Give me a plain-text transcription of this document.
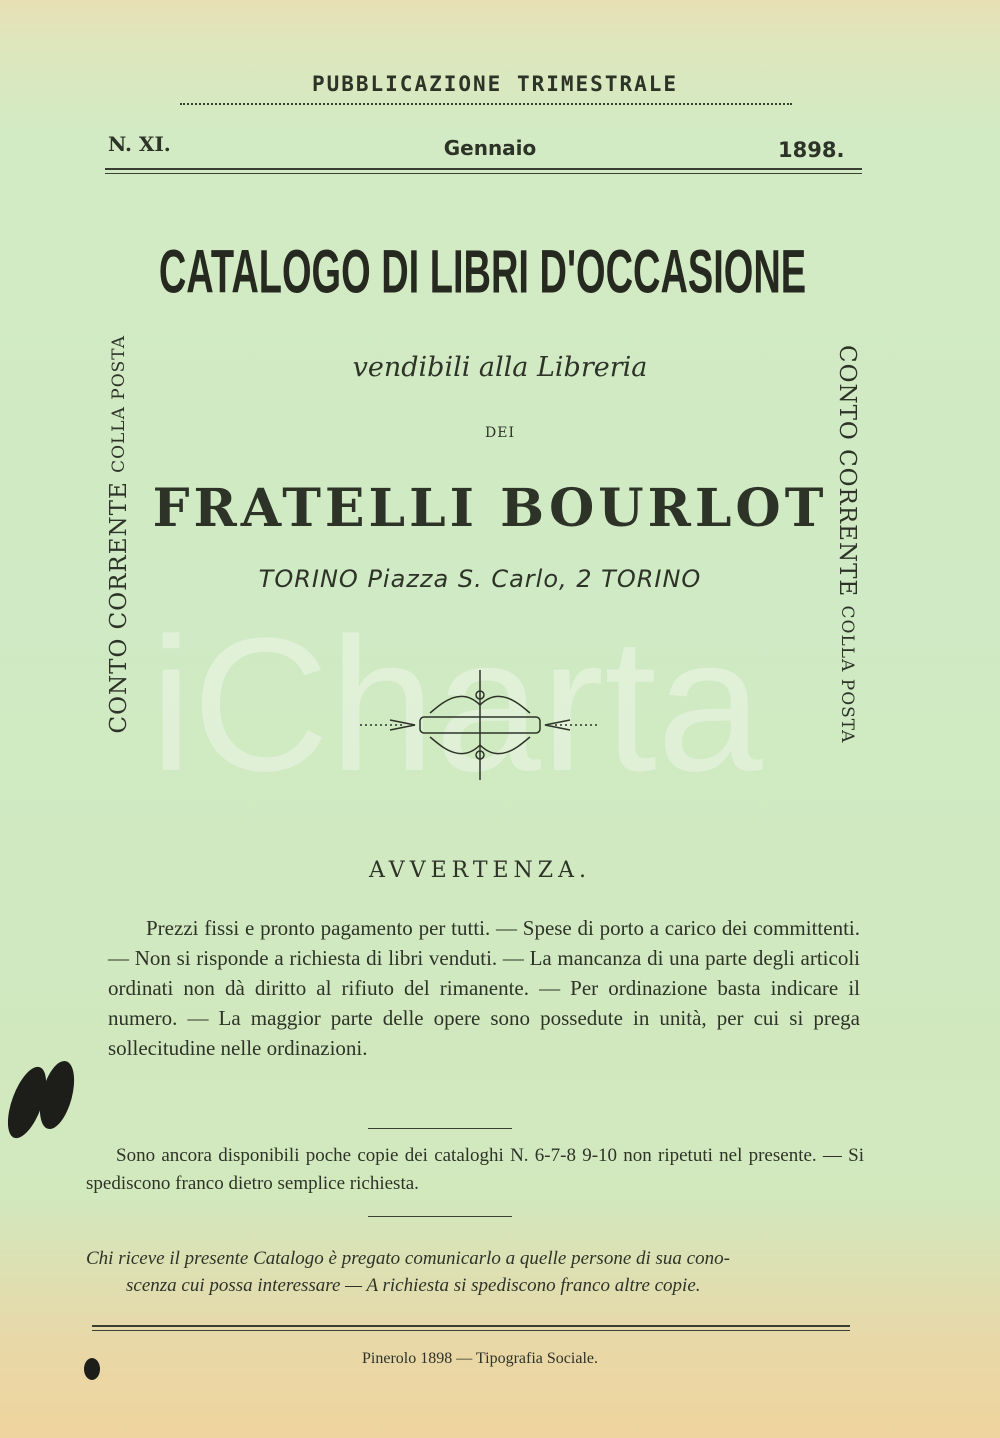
iCharta
PUBBLICAZIONE TRIMESTRALE
N. XI.	Gennaio	1898.
CATALOGO DI LIBRI D'OCCASIONE
vendibili alla Libreria
DEI
FRATELLI BOURLOT
TORINO Piazza S. Carlo, 2 TORINO
CONTO CORRENTE COLLA POSTA	CONTO CORRENTE COLLA POSTA
AVVERTENZA.
Prezzi fissi e pronto pagamento per tutti. — Spese di porto a carico dei committenti. — Non si risponde a richiesta di libri venduti. — La mancanza di una parte degli articoli ordinati non dà diritto al rifiuto del rimanente. — Per ordinazione basta indicare il numero. — La maggior parte delle opere sono possedute in unità, per cui si prega sollecitudine nelle ordinazioni.
Sono ancora disponibili poche copie dei cataloghi N. 6-7-8 9-10 non ripetuti nel presente. — Si spediscono franco dietro semplice richiesta.
Chi riceve il presente Catalogo è pregato comunicarlo a quelle persone di sua cono-
scenza cui possa interessare — A richiesta si spediscono franco altre copie.
Pinerolo 1898 — Tipografia Sociale.
